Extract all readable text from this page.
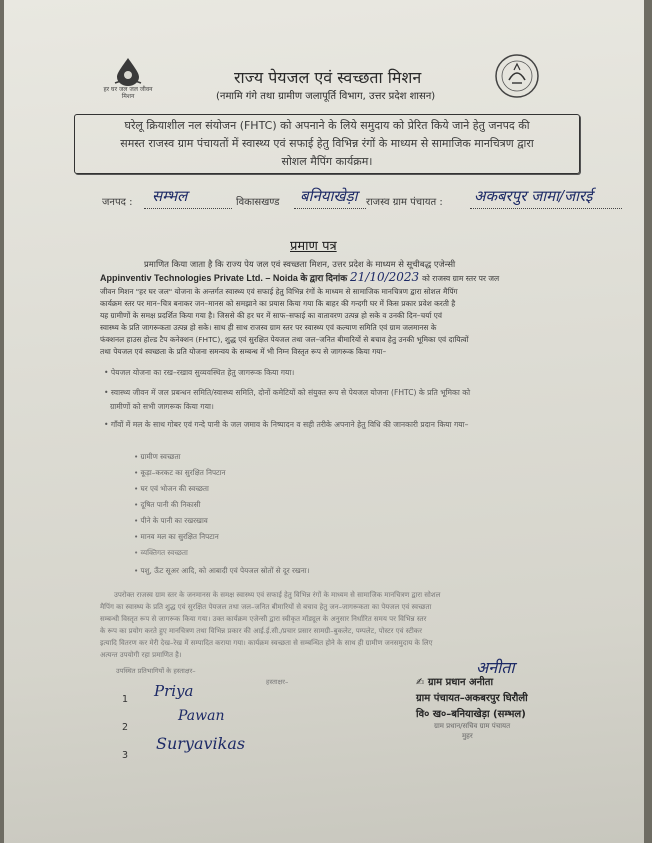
हर घर जल जल जीवन मिशन
राज्य पेयजल एवं स्वच्छता मिशन
(नमामि गंगे तथा ग्रामीण जलापूर्ति विभाग, उत्तर प्रदेश शासन)
घरेलू क्रियाशील नल संयोजन (FHTC) को अपनाने के लिये समुदाय को प्रेरित किये जाने हेतु जनपद की
समस्त राजस्व ग्राम पंचायतों में स्वास्थ्य एवं सफाई हेतु विभिन्न रंगों के माध्यम से सामाजिक मानचित्रण द्वारा
सोशल मैपिंग कार्यक्रम।
जनपद : सम्भल	विकासखण्ड बनियाखेड़ा राजस्व ग्राम पंचायत : अकबरपुर जामा/जारई
प्रमाण पत्र
प्रमाणित किया जाता है कि राज्य पेय जल एवं स्वच्छता मिशन, उत्तर प्रदेश के माध्यम से सूचीबद्ध एजेन्सी
Appinventiv Technologies Private Ltd. – Noida के द्वारा दिनांक 21/10/2023 को राजस्व ग्राम स्तर पर जल
जीवन मिशन "हर घर जल" योजना के अन्तर्गत स्वास्थ्य एवं सफाई हेतु विभिन्न रंगों के माध्यम से सामाजिक मानचित्रण द्वारा सोशल मैपिंग
कार्यक्रम स्तर पर मान–चित्र बनाकर जन–मानस को समझाने का प्रयास किया गया कि बाहर की गन्दगी घर में किस प्रकार प्रवेश करती है
यह ग्रामीणों के समक्ष प्रदर्शित किया गया है। जिससे की हर घर में साफ–सफाई का वातावरण उत्पन्न हो सके व उनकी दिन–चर्या एवं
स्वास्थ्य के प्रति जागरूकता उत्पन्न हो सके। साथ ही साथ राजस्व ग्राम स्तर पर स्वास्थ्य एवं कल्याण समिति एवं ग्राम जलमानस के
फंक्शनल हाउस होल्ड टैप कनेक्शन (FHTC), शुद्ध एवं सुरक्षित पेयजल तथा जल–जनित बीमारियों से बचाव हेतु उनकी भूमिका एवं दायित्वों
तथा पेयजल एवं स्वच्छता के प्रति योजना समन्वय के सम्बन्ध में भी निम्न विस्तृत रूप से जागरूक किया गया–
• पेयजल योजना का रख–रखाव सुव्यवस्थित हेतु जागरूक किया गया।
• स्वास्थ्य जीवन में जल प्रबन्धन समिति/स्वास्थ्य समिति, दोनों कमेटियों को संयुक्त रूप से पेयजल योजना (FHTC) के प्रति भूमिका को
ग्रामीणों को सभी जागरूक किया गया।
• गाँवों में मल के साथ गोबर एवं गन्दे पानी के जल जमाव के निष्पादन व सही तरीके अपनाने हेतु विधि की जानकारी प्रदान किया गया–
• ग्रामीण स्वच्छता
• कूड़ा–करकट का सुरक्षित निपटान
• घर एवं भोजन की स्वच्छता
• दूषित पानी की निकासी
• पीने के पानी का रखरखाव
• मानव मल का सुरक्षित निपटान
• व्यक्तिगत स्वच्छता
• पशु, ऊँट सूअर आदि, को आबादी एवं पेयजल स्रोतों से दूर रखना।
उपरोक्त राजस्व ग्राम स्तर के जनमानस के समक्ष स्वास्थ्य एवं सफाई हेतु विभिन्न रंगों के माध्यम से सामाजिक मानचित्रण द्वारा सोशल
मैपिंग का स्वास्थ्य के प्रति शुद्ध एवं सुरक्षित पेयजल तथा जल–जनित बीमारियों से बचाव हेतु जन–जागरूकता का पेयजल एवं स्वच्छता
सम्बन्धी विस्तृत रूप से जागरूक किया गया। उक्त कार्यक्रम एजेन्सी द्वारा स्वीकृत मॉड्यूल के अनुसार निर्धारित समय पर विभिन्न स्तर
के रूप का प्रयोग करते हुए मानचित्रण तथा विभिन्न प्रकार की आई.ई.सी./प्रचार प्रसार सामग्री–बुकलेट, पम्पलेट, पोस्टर एवं स्टीकर
इत्यादि वितरण कर मेरी देख–रेख में सम्पादित कराया गया। कार्यक्रम स्वच्छता से सम्बन्धित होने के साथ ही ग्रामीण जनसमुदाय के लिए
अत्यन्त उपयोगी रहा प्रमाणित है।
उपस्थित प्रतिभागियों के हस्ताक्षर–
हस्ताक्षर–
1 Priya
2
Pawan
3
Suryavikas
अनीता
✍ ग्राम प्रधान अनीता
ग्राम पंचायत–अकबरपुर घिरौली
वि० ख०–बनियाखेड़ा (सम्भल)
ग्राम प्रधान/सचिव ग्राम पंचायत
मुहर
